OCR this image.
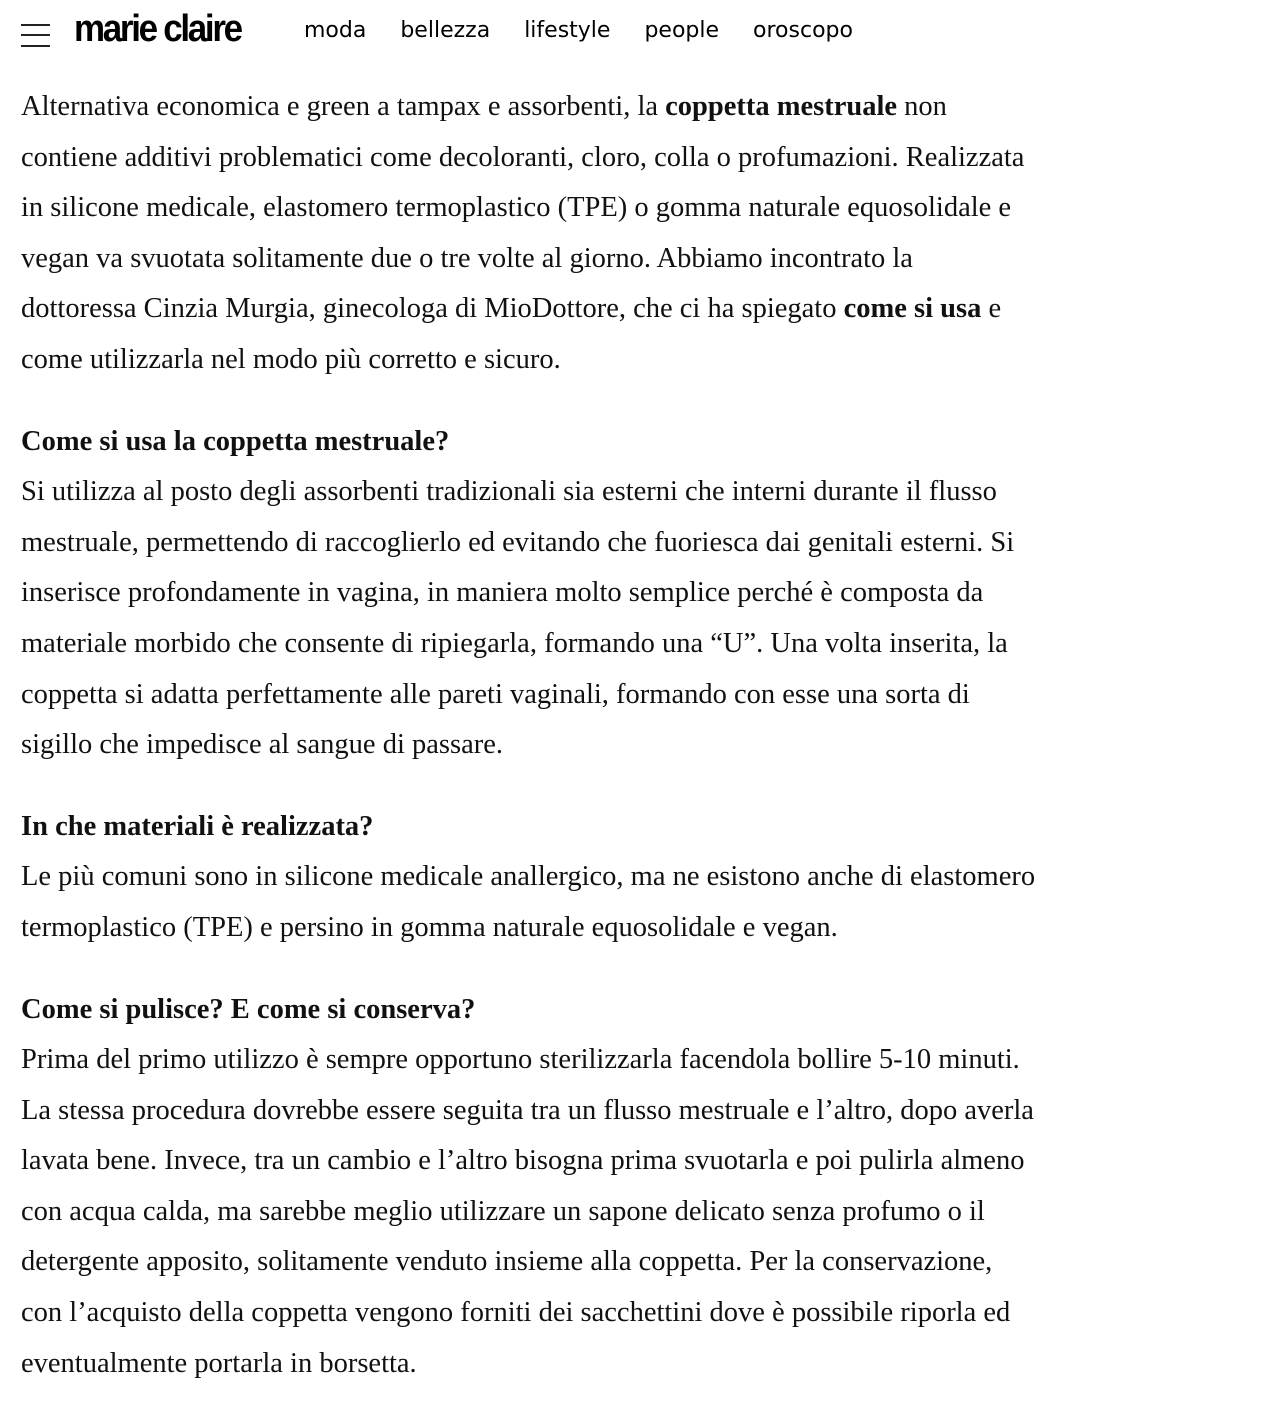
marie claire	moda bellezza lifestyle people oroscopo
Alternativa economica e green a tampax e assorbenti, la coppetta mestruale non
contiene additivi problematici come decoloranti, cloro, colla o profumazioni. Realizzata
in silicone medicale, elastomero termoplastico (TPE) o gomma naturale equosolidale e
vegan va svuotata solitamente due o tre volte al giorno. Abbiamo incontrato la
dottoressa Cinzia Murgia, ginecologa di MioDottore, che ci ha spiegato come si usa e
come utilizzarla nel modo più corretto e sicuro.
Come si usa la coppetta mestruale?
Si utilizza al posto degli assorbenti tradizionali sia esterni che interni durante il flusso
mestruale, permettendo di raccoglierlo ed evitando che fuoriesca dai genitali esterni. Si
inserisce profondamente in vagina, in maniera molto semplice perché è composta da
materiale morbido che consente di ripiegarla, formando una “U”. Una volta inserita, la
coppetta si adatta perfettamente alle pareti vaginali, formando con esse una sorta di
sigillo che impedisce al sangue di passare.
In che materiali è realizzata?
Le più comuni sono in silicone medicale anallergico, ma ne esistono anche di elastomero
termoplastico (TPE) e persino in gomma naturale equosolidale e vegan.
Come si pulisce? E come si conserva?
Prima del primo utilizzo è sempre opportuno sterilizzarla facendola bollire 5-10 minuti.
La stessa procedura dovrebbe essere seguita tra un flusso mestruale e l’altro, dopo averla
lavata bene. Invece, tra un cambio e l’altro bisogna prima svuotarla e poi pulirla almeno
con acqua calda, ma sarebbe meglio utilizzare un sapone delicato senza profumo o il
detergente apposito, solitamente venduto insieme alla coppetta. Per la conservazione,
con l’acquisto della coppetta vengono forniti dei sacchettini dove è possibile riporla ed
eventualmente portarla in borsetta.
